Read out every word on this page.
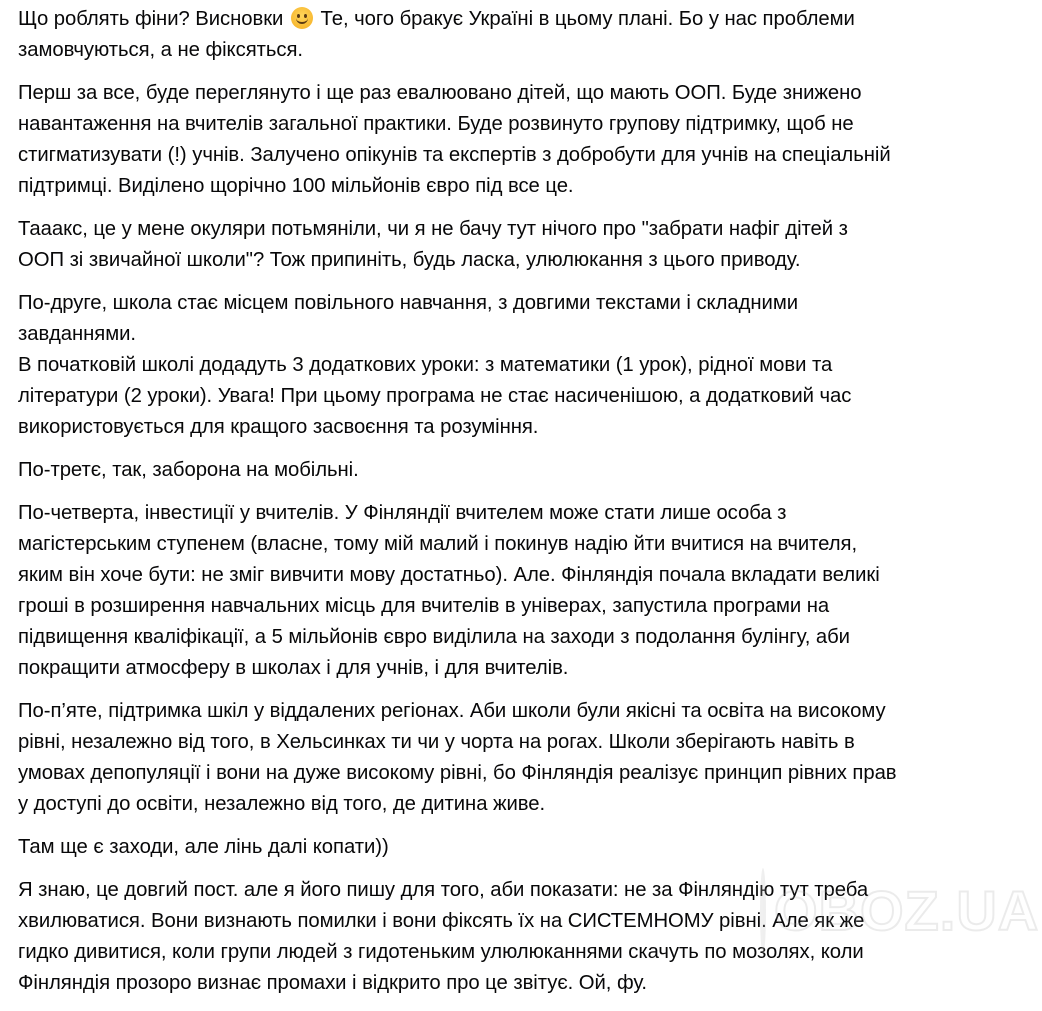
Що роблять фіни? Висновки
Те, чого бракує Україні в цьому плані. Бо у нас проблеми
замовчуються, а не фіксяться.

Перш за все, буде переглянуто і ще раз евалюовано дітей, що мають ООП. Буде знижено
навантаження на вчителів загальної практики. Буде розвинуто групову підтримку, щоб не
стигматизувати (!) учнів. Залучено опікунів та експертів з добробути для учнів на спеціальній
підтримці. Виділено щорічно 100 мільйонів євро під все це.

Тааакс, це у мене окуляри потьмяніли, чи я не бачу тут нічого про "забрати нафіг дітей з
ООП зі звичайної школи"? Тож припиніть, будь ласка, улюлюкання з цього приводу.

По-друге, школа стає місцем повільного навчання, з довгими текстами і складними
завданнями.
В початковій школі додадуть 3 додаткових уроки: з математики (1 урок), рідної мови та
літератури (2 уроки). Увага! При цьому програма не стає насиченішою, а додатковий час
використовується для кращого засвоєння та розуміння.

По-третє, так, заборона на мобільні.

По-четверта, інвестиції у вчителів. У Фінляндії вчителем може стати лише особа з
магістерським ступенем (власне, тому мій малий і покинув надію йти вчитися на вчителя,
яким він хоче бути: не зміг вивчити мову достатньо). Але. Фінляндія почала вкладати великі
гроші в розширення навчальних місць для вчителів в універах, запустила програми на
підвищення кваліфікації, а 5 мільйонів євро виділила на заходи з подолання булінгу, аби
покращити атмосферу в школах і для учнів, і для вчителів.

По-п’яте, підтримка шкіл у віддалених регіонах. Аби школи були якісні та освіта на високому
рівні, незалежно від того, в Хельсинках ти чи у чорта на рогах. Школи зберігають навіть в
умовах депопуляції і вони на дуже високому рівні, бо Фінляндія реалізує принцип рівних прав
у доступі до освіти, незалежно від того, де дитина живе.

Там ще є заходи, але лінь далі копати))

Я знаю, це довгий пост. але я його пишу для того, аби показати: не за Фінляндію тут треба
хвилюватися. Вони визнають помилки і вони фіксять їх на СИСТЕМНОМУ рівні. Але як же
гидко дивитися, коли групи людей з гидотеньким улюлюканнями скачуть по мозолях, коли
Фінляндія прозоро визнає промахи і відкрито про це звітує. Ой, фу.

OBOZ.UA
